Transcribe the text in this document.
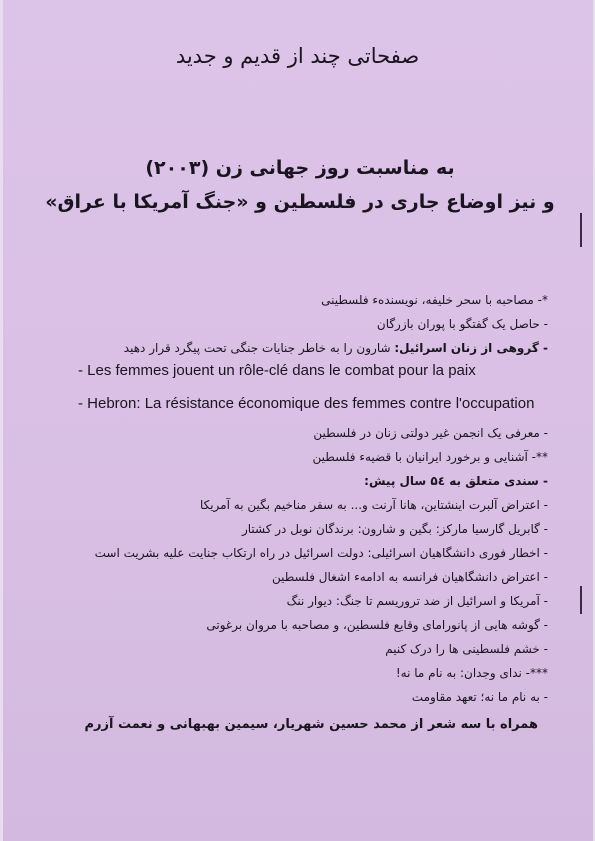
صفحاتی چند از قدیم و جدید
به مناسبت روز جهانی زن (۲۰۰۳)
و نیز اوضاع جاری در فلسطین و «جنگ آمریکا با عراق»
*- مصاحبه با سحر خلیفه، نویسنده‌ء فلسطینی
- حاصل یک گفتگو با پوران بازرگان
- گروهی از زنان اسرائیل: شارون را به خاطر جنایات جنگی تحت پیگرد قرار دهید

- Les femmes jouent un rôle-clé dans le combat pour la paix

- Hebron: La résistance économique des femmes contre l'occupation

- معرفی یک انجمن غیر دولتی زنان در فلسطین
**- آشنایی و برخورد ایرانیان با قضیه‌ء فلسطین
- سندی متعلق به ۵٤ سال پیش:
- اعتراض آلبرت اینشتاین، هانا آرنت و... به سفر مناخیم بگین به آمریکا
- گابریل گارسیا مارکز: بگین و شارون: برندگان نوبل در کشتار
- اخطار فوری دانشگاهیان اسرائیلی: دولت اسرائیل در راه ارتکاب جنایت علیه بشریت است
- اعتراض دانشگاهیان فرانسه به ادامه‌ء اشغال فلسطین
- آمریکا و اسرائیل از ضد تروریسم تا جنگ: دیوار ننگ
- گوشه هایی از پانورامای وقایع فلسطین، و مصاحبه با مروان برغوتی
- خشم فلسطینی ها را درک کنیم
***- ندای وجدان: به نام ما نه!
- به نام ما نه؛ تعهد مقاومت
همراه با سه شعر از محمد حسین شهریار، سیمین بهبهانی و نعمت آزرم
